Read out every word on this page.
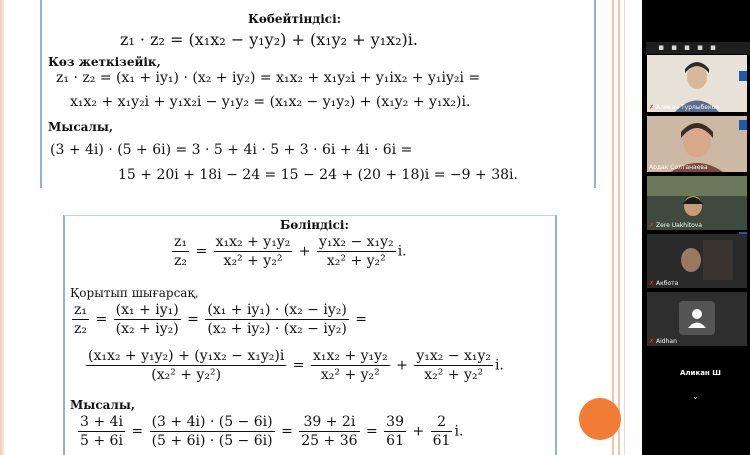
Көбейтіндісі:
z₁ · z₂ = (x₁x₂ − y₁y₂) + (x₁y₂ + y₁x₂)i.
Көз жеткізейік,
z₁ · z₂ = (x₁ + iy₁) · (x₂ + iy₂) = x₁x₂ + x₁y₂i + y₁ix₂ + y₁iy₂i =
x₁x₂ + x₁y₂i + y₁x₂i − y₁y₂ = (x₁x₂ − y₁y₂) + (x₁y₂ + y₁x₂)i.
Мысалы,
(3 + 4i) · (5 + 6i) = 3 · 5 + 4i · 5 + 3 · 6i + 4i · 6i =
15 + 20i + 18i − 24 = 15 − 24 + (20 + 18)i = −9 + 38i.
Бөліндісі:
$\frac{\text{z₁}}{\text{z₂}} = \frac{\text{x₁x₂ + y₁y₂}}{\text{x₂² + y₂²}} + \frac{\text{y₁x₂ − x₁y₂}}{\text{x₂² + y₂²}} i$.
Қорытып шығарсақ,
$\frac{\text{z₁}}{\text{z₂}} = \frac{\text{(x₁ + iy₁)}}{\text{(x₂ + iy₂)}} = \frac{\text{(x₁ + iy₁) · (x₂ − iy₂)}}{\text{(x₂ + iy₂) · (x₂ − iy₂)}}$ =
$\frac{\text{(x₁x₂ + y₁y₂) + (y₁x₂ − x₁y₂)i}}{\text{(x₂² + y₂²)}} = \frac{\text{x₁x₂ + y₁y₂}}{\text{x₂² + y₂²}} + \frac{\text{y₁x₂ − x₁y₂}}{\text{x₂² + y₂²}} i$.
Мысалы,
$\frac{3 + 4i}{5 + 6i} = \frac{(3 + 4i) \cdot (5 - 6i)}{(5 + 6i) \cdot (5 - 6i)} = \frac{39 + 2i}{25 + 36} = \frac{39}{61} + \frac{2}{61} i$.
▪ ▪ ▪ ▪ ▪
✗ Аликан Турлыбеков
Ардак Солтанаева
✗ Zere Uakhitova
✗ Акбота
✗ Aidhan
Аликан Ш
⌄
